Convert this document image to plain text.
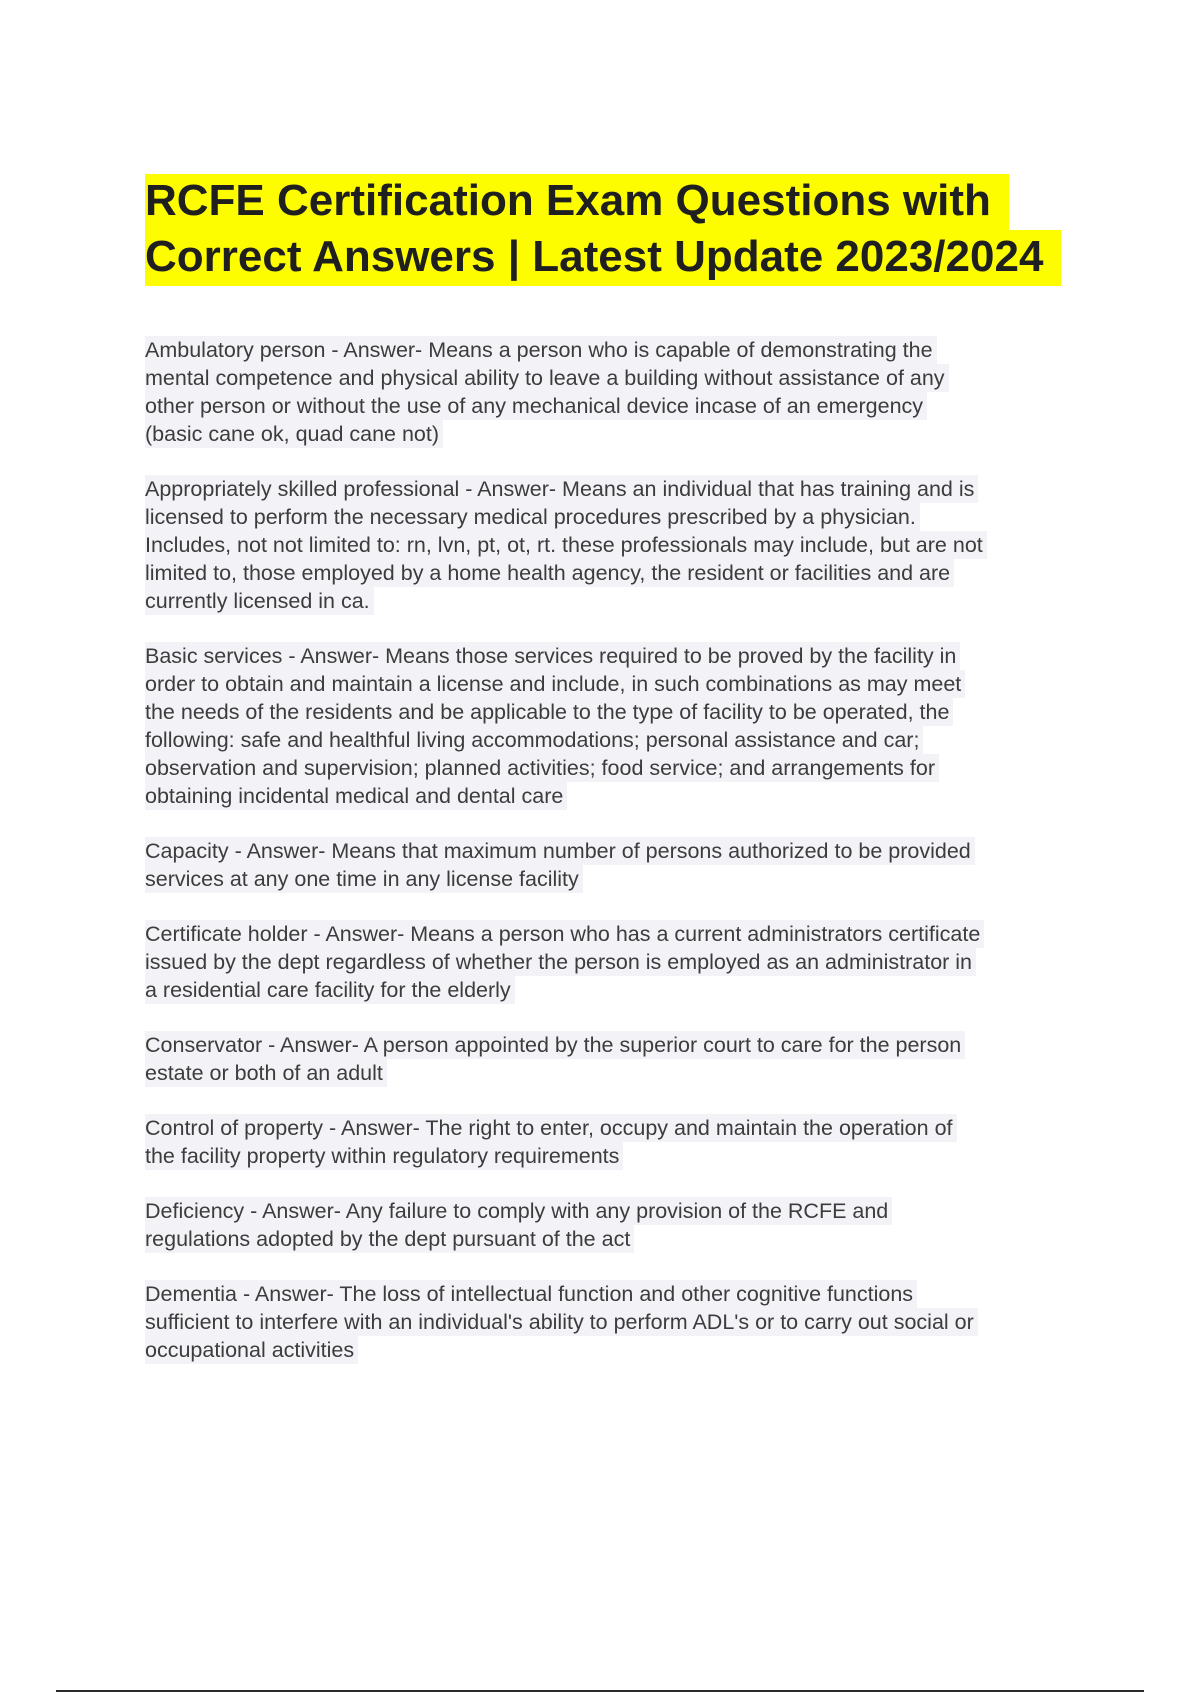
RCFE Certification Exam Questions with
Correct Answers | Latest Update 2023/2024
Ambulatory person - Answer- Means a person who is capable of demonstrating the
mental competence and physical ability to leave a building without assistance of any
other person or without the use of any mechanical device incase of an emergency
(basic cane ok, quad cane not)
Appropriately skilled professional - Answer- Means an individual that has training and is
licensed to perform the necessary medical procedures prescribed by a physician.
Includes, not not limited to: rn, lvn, pt, ot, rt. these professionals may include, but are not
limited to, those employed by a home health agency, the resident or facilities and are
currently licensed in ca.
Basic services - Answer- Means those services required to be proved by the facility in
order to obtain and maintain a license and include, in such combinations as may meet
the needs of the residents and be applicable to the type of facility to be operated, the
following: safe and healthful living accommodations; personal assistance and car;
observation and supervision; planned activities; food service; and arrangements for
obtaining incidental medical and dental care
Capacity - Answer- Means that maximum number of persons authorized to be provided
services at any one time in any license facility
Certificate holder - Answer- Means a person who has a current administrators certificate
issued by the dept regardless of whether the person is employed as an administrator in
a residential care facility for the elderly
Conservator - Answer- A person appointed by the superior court to care for the person
estate or both of an adult
Control of property - Answer- The right to enter, occupy and maintain the operation of
the facility property within regulatory requirements
Deficiency - Answer- Any failure to comply with any provision of the RCFE and
regulations adopted by the dept pursuant of the act
Dementia - Answer- The loss of intellectual function and other cognitive functions
sufficient to interfere with an individual's ability to perform ADL's or to carry out social or
occupational activities
